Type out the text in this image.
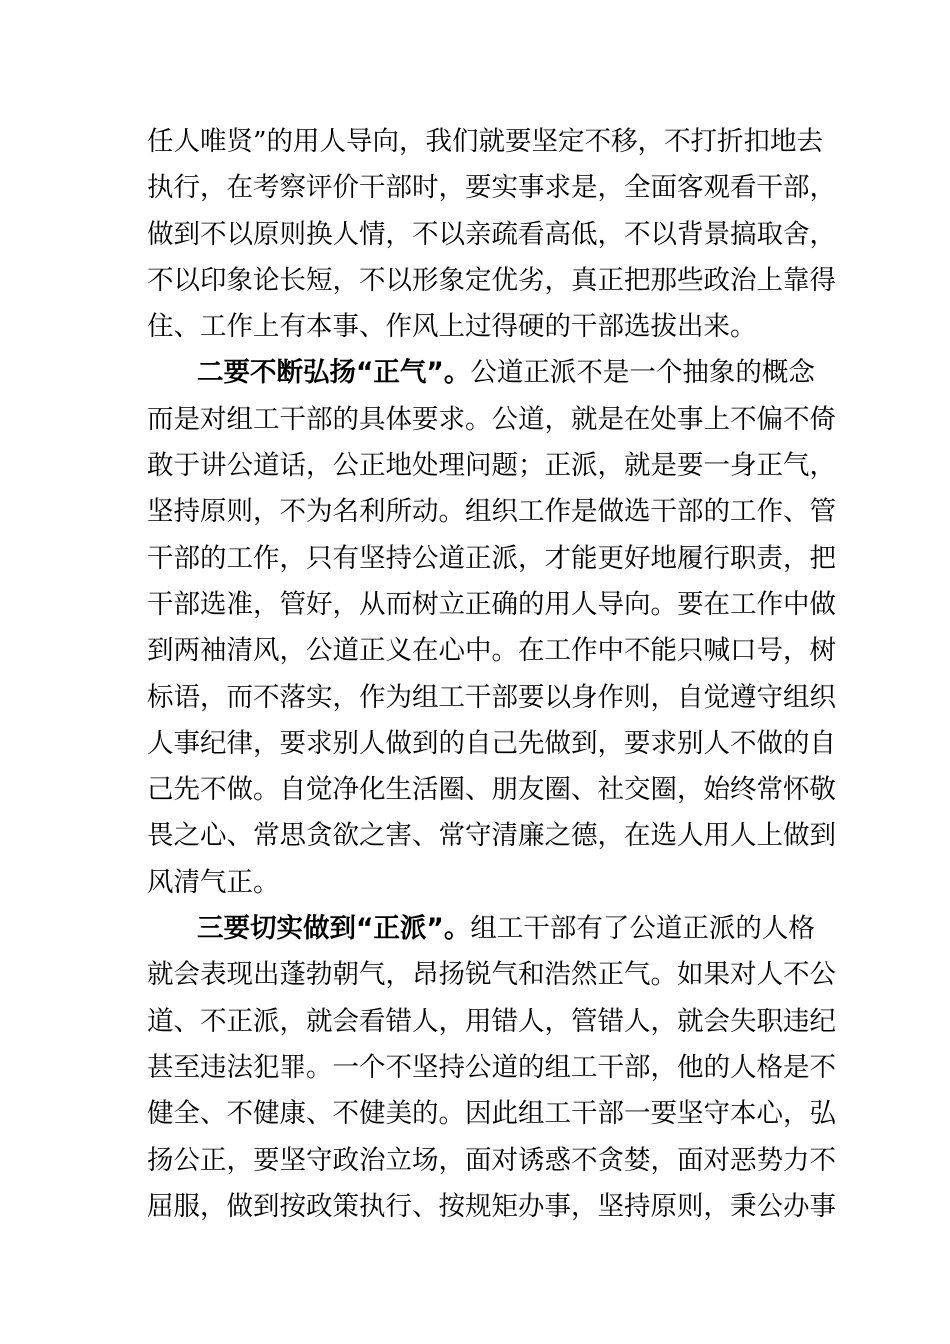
任人唯贤”的用人导向，我们就要坚定不移，不打折扣地去
执行，在考察评价干部时，要实事求是，全面客观看干部，
做到不以原则换人情，不以亲疏看高低，不以背景搞取舍，
不以印象论长短，不以形象定优劣，真正把那些政治上靠得
住、工作上有本事、作风上过得硬的干部选拔出来。
二要不断弘扬“正气”。公道正派不是一个抽象的概念
而是对组工干部的具体要求。公道，就是在处事上不偏不倚
敢于讲公道话，公正地处理问题；正派，就是要一身正气，
坚持原则，不为名利所动。组织工作是做选干部的工作、管
干部的工作，只有坚持公道正派，才能更好地履行职责，把
干部选准，管好，从而树立正确的用人导向。要在工作中做
到两袖清风，公道正义在心中。在工作中不能只喊口号，树
标语，而不落实，作为组工干部要以身作则，自觉遵守组织
人事纪律，要求别人做到的自己先做到，要求别人不做的自
己先不做。自觉净化生活圈、朋友圈、社交圈，始终常怀敬
畏之心、常思贪欲之害、常守清廉之德，在选人用人上做到
风清气正。
三要切实做到“正派”。组工干部有了公道正派的人格
就会表现出蓬勃朝气，昂扬锐气和浩然正气。如果对人不公
道、不正派，就会看错人，用错人，管错人，就会失职违纪
甚至违法犯罪。一个不坚持公道的组工干部，他的人格是不
健全、不健康、不健美的。因此组工干部一要坚守本心，弘
扬公正，要坚守政治立场，面对诱惑不贪婪，面对恶势力不
屈服，做到按政策执行、按规矩办事，坚持原则，秉公办事
